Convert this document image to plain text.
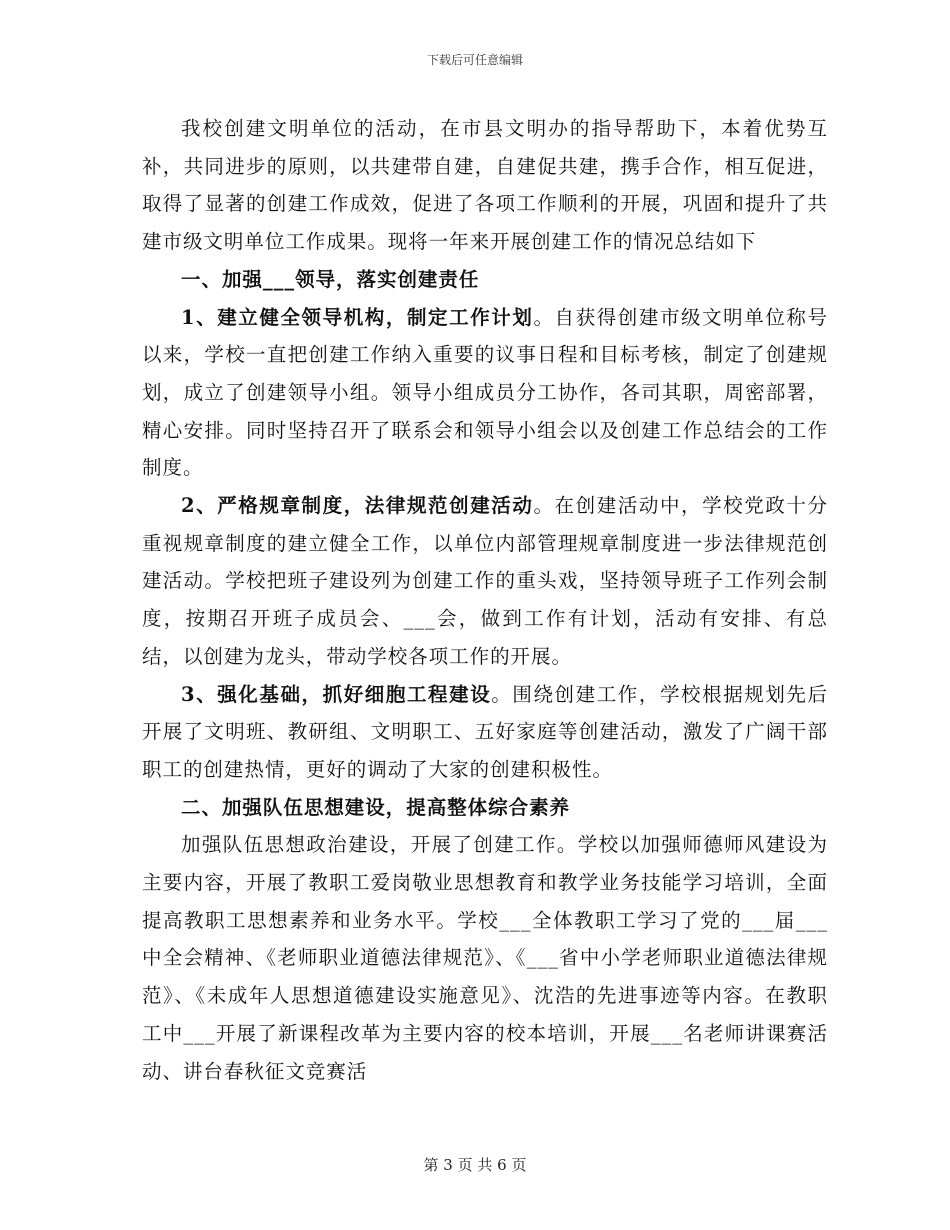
下载后可任意编辑

我校创建文明单位的活动，在市县文明办的指导帮助下，本着优势互补，共同进步的原则，以共建带自建，自建促共建，携手合作，相互促进，取得了显著的创建工作成效，促进了各项工作顺利的开展，巩固和提升了共建市级文明单位工作成果。现将一年来开展创建工作的情况总结如下

一、加强___领导，落实创建责任

1、建立健全领导机构，制定工作计划。自获得创建市级文明单位称号以来，学校一直把创建工作纳入重要的议事日程和目标考核，制定了创建规划，成立了创建领导小组。领导小组成员分工协作，各司其职，周密部署，精心安排。同时坚持召开了联系会和领导小组会以及创建工作总结会的工作制度。

2、严格规章制度，法律规范创建活动。在创建活动中，学校党政十分重视规章制度的建立健全工作，以单位内部管理规章制度进一步法律规范创建活动。学校把班子建设列为创建工作的重头戏，坚持领导班子工作列会制度，按期召开班子成员会、___会，做到工作有计划，活动有安排、有总结，以创建为龙头，带动学校各项工作的开展。

3、强化基础，抓好细胞工程建设。围绕创建工作，学校根据规划先后开展了文明班、教研组、文明职工、五好家庭等创建活动，激发了广阔干部职工的创建热情，更好的调动了大家的创建积极性。

二、加强队伍思想建设，提高整体综合素养

加强队伍思想政治建设，开展了创建工作。学校以加强师德师风建设为主要内容，开展了教职工爱岗敬业思想教育和教学业务技能学习培训，全面提高教职工思想素养和业务水平。学校___全体教职工学习了党的___届___中全会精神、《老师职业道德法律规范》、《___省中小学老师职业道德法律规范》、《未成年人思想道德建设实施意见》、沈浩的先进事迹等内容。在教职工中___开展了新课程改革为主要内容的校本培训，开展___名老师讲课赛活动、讲台春秋征文竞赛活

第 3 页 共 6 页
